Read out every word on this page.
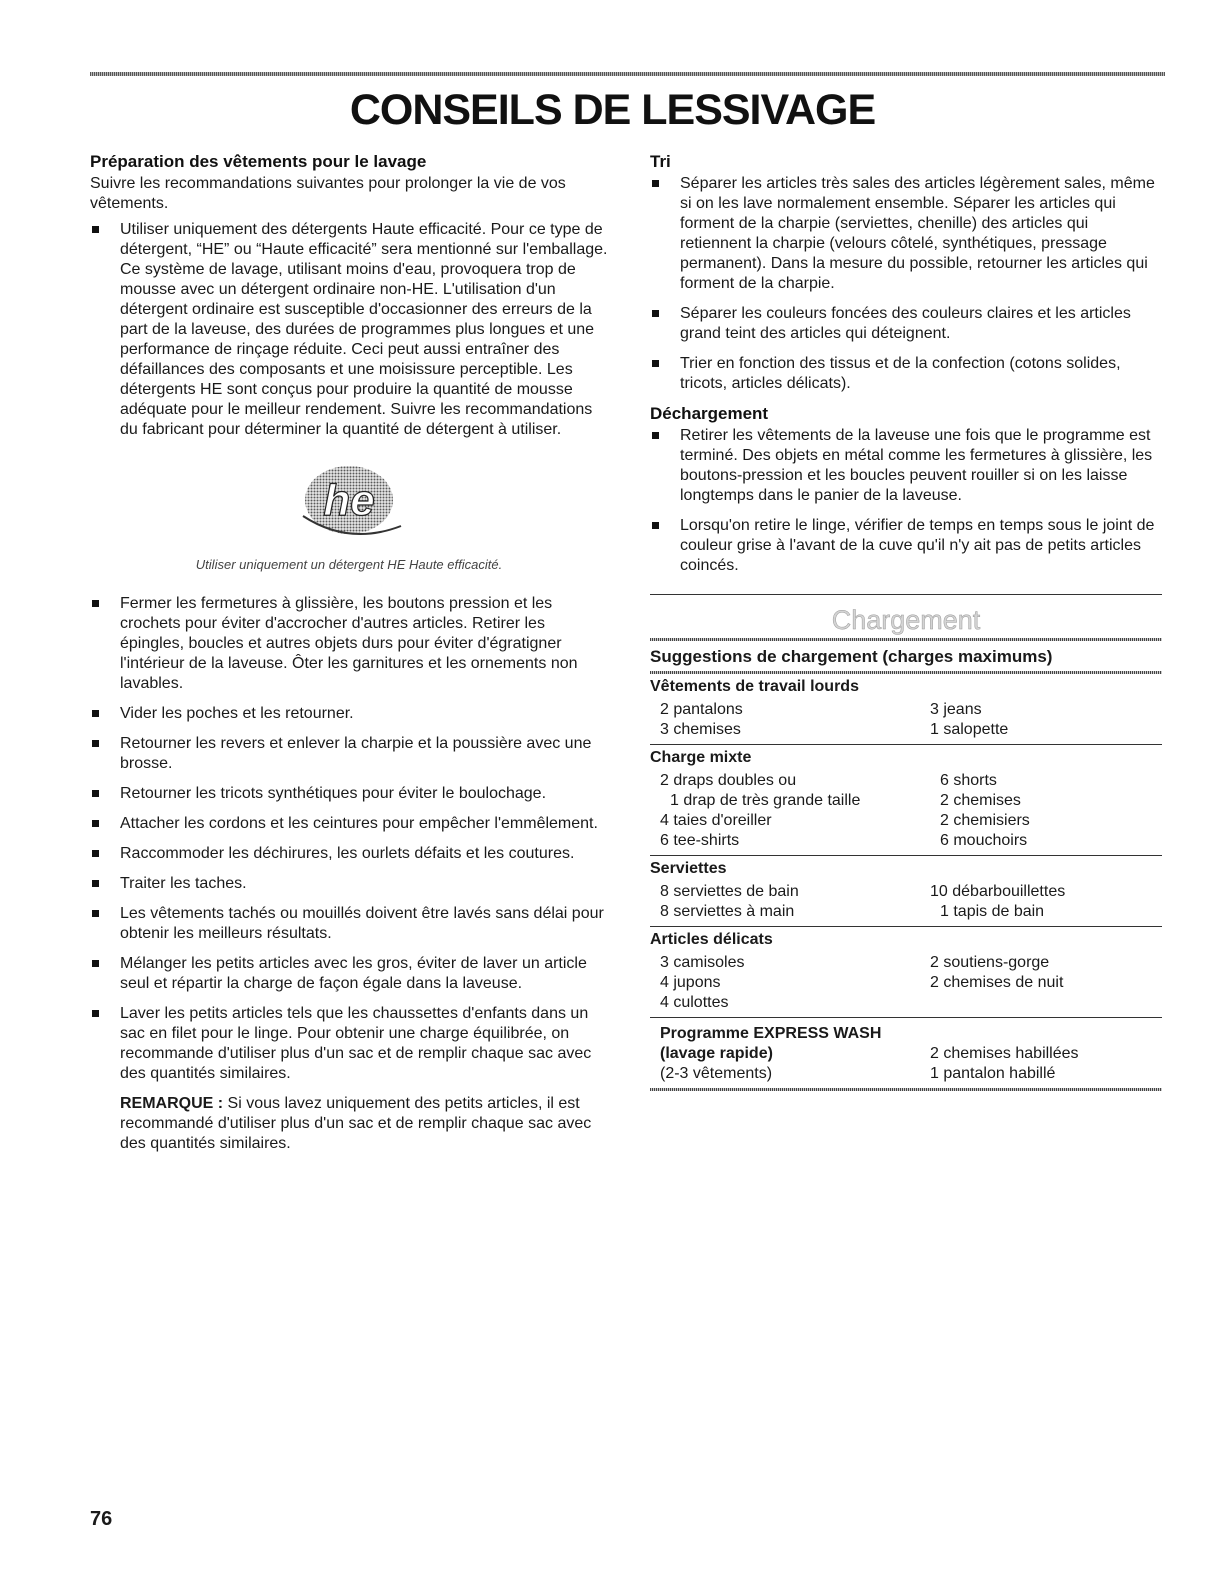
CONSEILS DE LESSIVAGE
Préparation des vêtements pour le lavage

Suivre les recommandations suivantes pour prolonger la vie de vos vêtements.

Utiliser uniquement des détergents Haute efficacité. Pour ce type de détergent, “HE” ou “Haute efficacité” sera mentionné sur l'emballage. Ce système de lavage, utilisant moins d'eau, provoquera trop de mousse avec un détergent ordinaire non-HE. L'utilisation d'un détergent ordinaire est susceptible d'occasionner des erreurs de la part de la laveuse, des durées de programmes plus longues et une performance de rinçage réduite. Ceci peut aussi entraîner des défaillances des composants et une moisissure perceptible. Les détergents HE sont conçus pour produire la quantité de mousse adéquate pour le meilleur rendement. Suivre les recommandations du fabricant pour déterminer la quantité de détergent à utiliser.
he
Utiliser uniquement un détergent HE Haute efficacité.
Fermer les fermetures à glissière, les boutons pression et les crochets pour éviter d'accrocher d'autres articles. Retirer les épingles, boucles et autres objets durs pour éviter d'égratigner l'intérieur de la laveuse. Ôter les garnitures et les ornements non lavables.
Vider les poches et les retourner.
Retourner les revers et enlever la charpie et la poussière avec une brosse.
Retourner les tricots synthétiques pour éviter le boulochage.
Attacher les cordons et les ceintures pour empêcher l'emmêlement.
Raccommoder les déchirures, les ourlets défaits et les coutures.
Traiter les taches.
Les vêtements tachés ou mouillés doivent être lavés sans délai pour obtenir les meilleurs résultats.
Mélanger les petits articles avec les gros, éviter de laver un article seul et répartir la charge de façon égale dans la laveuse.
Laver les petits articles tels que les chaussettes d'enfants dans un sac en filet pour le linge. Pour obtenir une charge équilibrée, on recommande d'utiliser plus d'un sac et de remplir chaque sac avec des quantités similaires.
REMARQUE : Si vous lavez uniquement des petits articles, il est recommandé d'utiliser plus d'un sac et de remplir chaque sac avec des quantités similaires.
Tri
Séparer les articles très sales des articles légèrement sales, même si on les lave normalement ensemble. Séparer les articles qui forment de la charpie (serviettes, chenille) des articles qui retiennent la charpie (velours côtelé, synthétiques, pressage permanent). Dans la mesure du possible, retourner les articles qui forment de la charpie.
Séparer les couleurs foncées des couleurs claires et les articles grand teint des articles qui déteignent.
Trier en fonction des tissus et de la confection (cotons solides, tricots, articles délicats).
Déchargement
Retirer les vêtements de la laveuse une fois que le programme est terminé. Des objets en métal comme les fermetures à glissière, les boutons-pression et les boucles peuvent rouiller si on les laisse longtemps dans le panier de la laveuse.
Lorsqu'on retire le linge, vérifier de temps en temps sous le joint de couleur grise à l'avant de la cuve qu'il n'y ait pas de petits articles coincés.
Chargement
Suggestions de chargement (charges maximums)
Vêtements de travail lourds
2 pantalons	3 jeans
3 chemises	1 salopette
Charge mixte
2 draps doubles ou	6 shorts
1 drap de très grande taille	2 chemises
4 taies d'oreiller	2 chemisiers
6 tee-shirts	6 mouchoirs
Serviettes
8 serviettes de bain	10 débarbouillettes
8 serviettes à main	1 tapis de bain
Articles délicats
3 camisoles	2 soutiens-gorge
4 jupons	2 chemises de nuit
4 culottes	
Programme EXPRESS WASH	
(lavage rapide)	2 chemises habillées
(2-3 vêtements)	1 pantalon habillé
76
